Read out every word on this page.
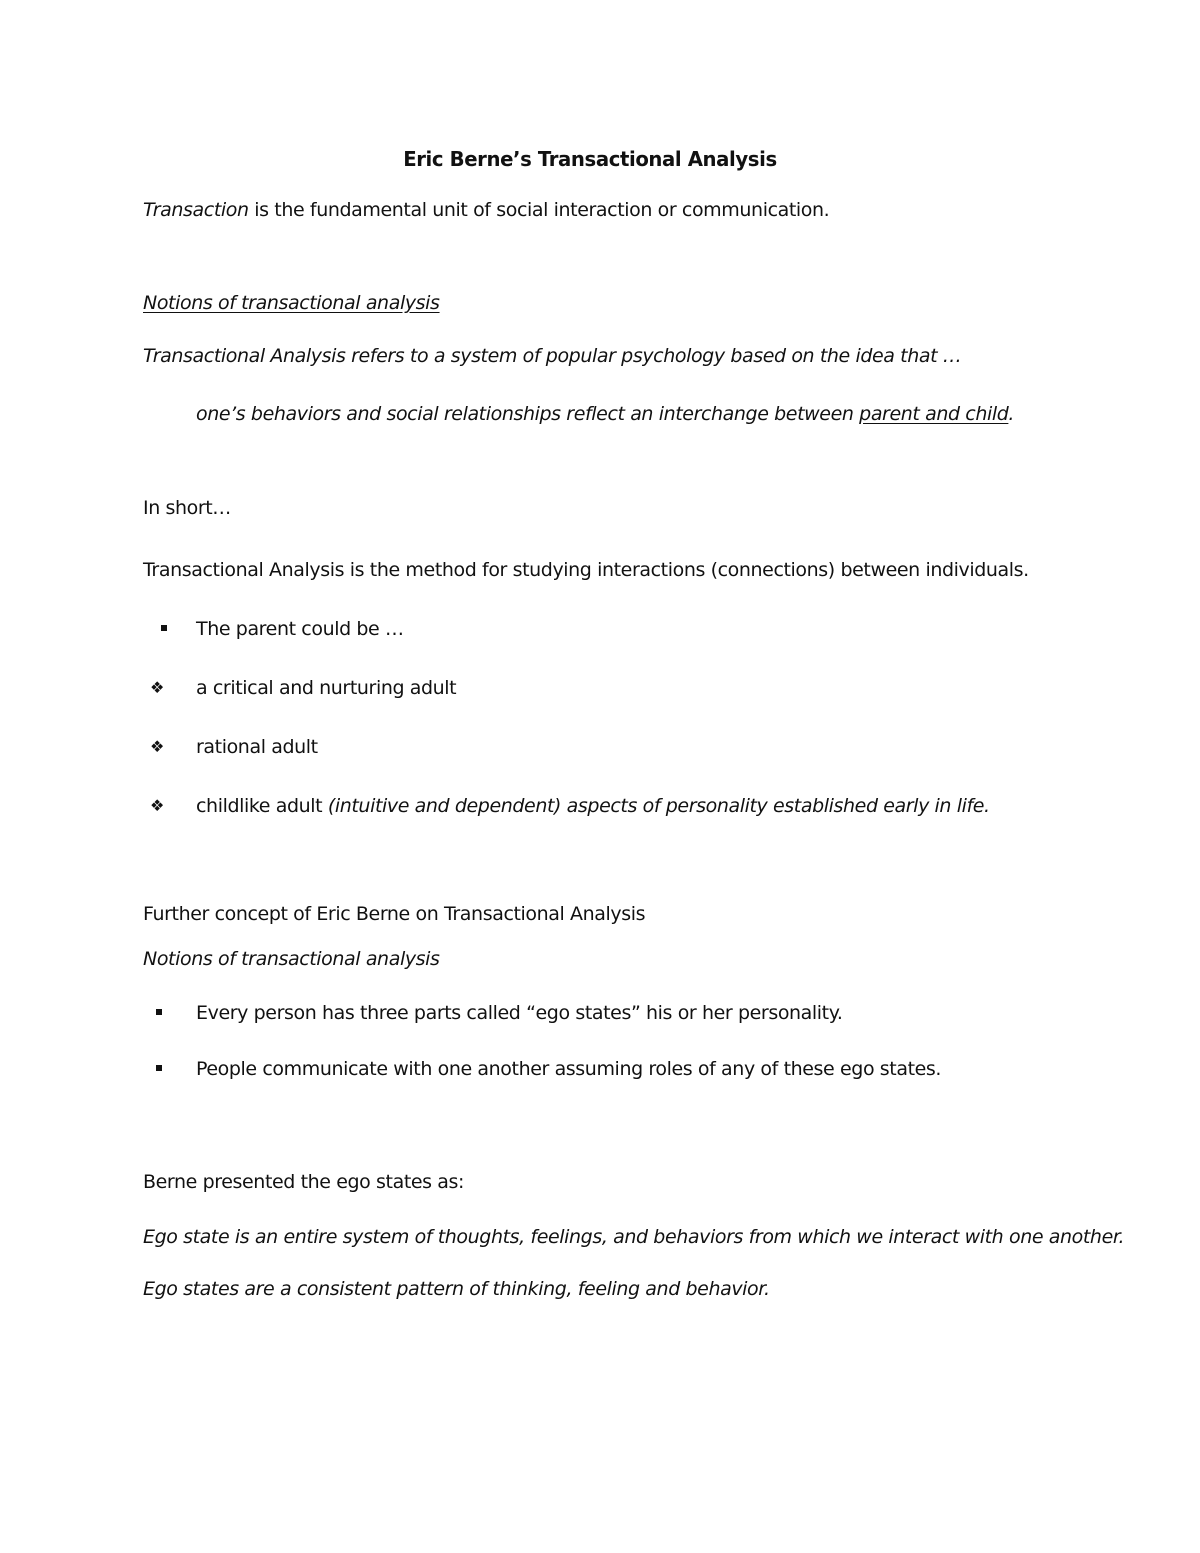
Eric Berne’s Transactional Analysis
Transaction is the fundamental unit of social interaction or communication.
Notions of transactional analysis
Transactional Analysis refers to a system of popular psychology based on the idea that …
one’s behaviors and social relationships reflect an interchange between parent and child.
In short…
Transactional Analysis is the method for studying interactions (connections) between individuals.
The parent could be …
❖ a critical and nurturing adult
❖ rational adult
❖ childlike adult (intuitive and dependent) aspects of personality established early in life.
Further concept of Eric Berne on Transactional Analysis
Notions of transactional analysis
Every person has three parts called “ego states” his or her personality.
People communicate with one another assuming roles of any of these ego states.
Berne presented the ego states as:
Ego state is an entire system of thoughts, feelings, and behaviors from which we interact with one another.
Ego states are a consistent pattern of thinking, feeling and behavior.
